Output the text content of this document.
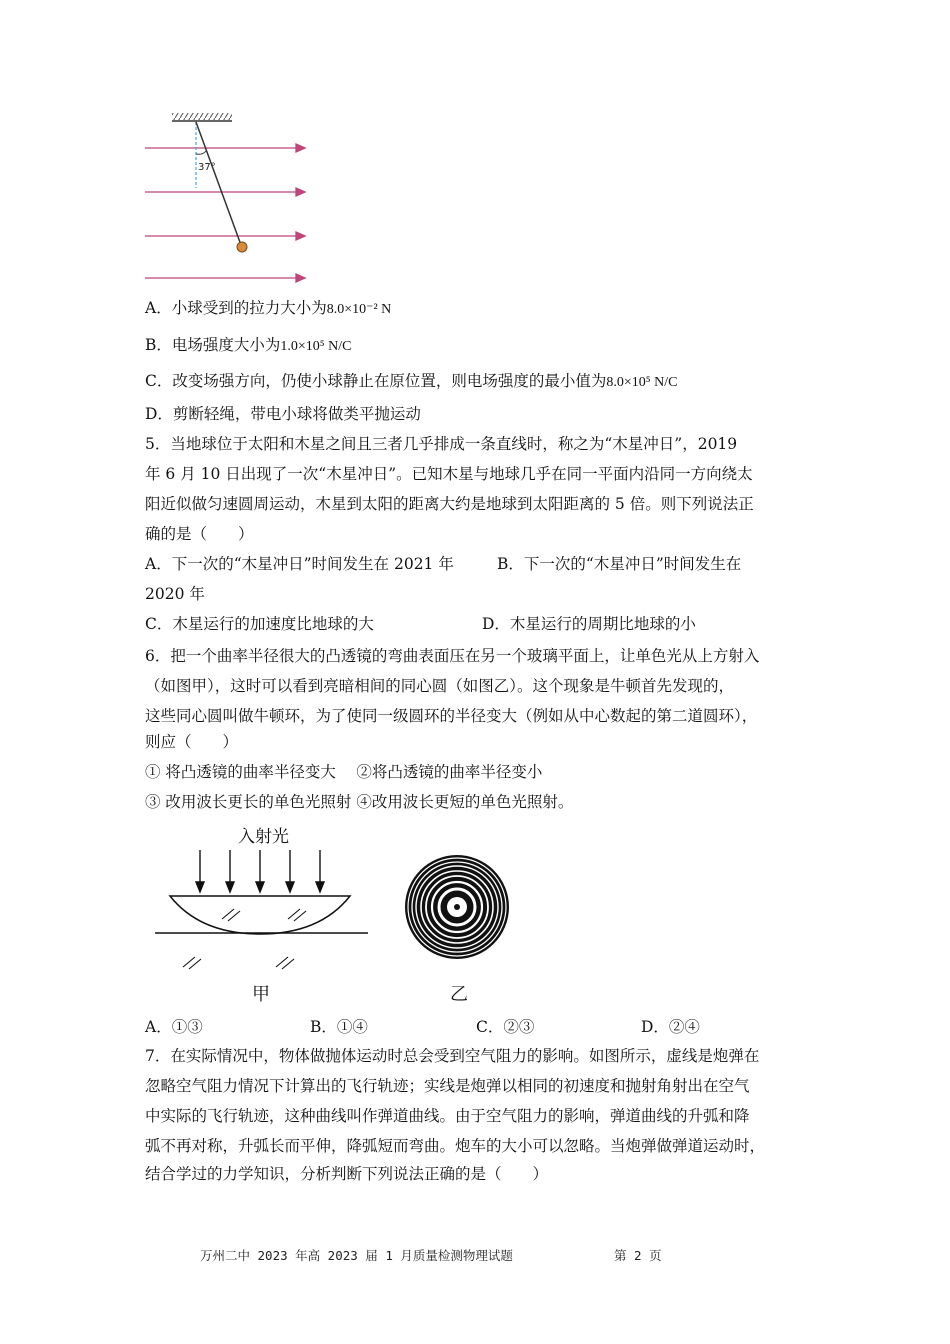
37°
A．小球受到的拉力大小为8.0×10⁻² N
B．电场强度大小为1.0×10⁵ N/C
C．改变场强方向，仍使小球静止在原位置，则电场强度的最小值为8.0×10⁵ N/C
D．剪断轻绳，带电小球将做类平抛运动
5．当地球位于太阳和木星之间且三者几乎排成一条直线时，称之为“木星冲日”，2019
年 6 月 10 日出现了一次“木星冲日”。已知木星与地球几乎在同一平面内沿同一方向绕太
阳近似做匀速圆周运动，木星到太阳的距离大约是地球到太阳距离的 5 倍。则下列说法正
确的是（　　）
A．下一次的“木星冲日”时间发生在 2021 年	B．下一次的“木星冲日”时间发生在
2020 年
C．木星运行的加速度比地球的大	D．木星运行的周期比地球的小
6．把一个曲率半径很大的凸透镜的弯曲表面压在另一个玻璃平面上，让单色光从上方射入
（如图甲），这时可以看到亮暗相间的同心圆（如图乙）。这个现象是牛顿首先发现的，
这些同心圆叫做牛顿环，为了使同一级圆环的半径变大（例如从中心数起的第二道圆环），
则应（　　）
① 将凸透镜的曲率半径变大　 ②将凸透镜的曲率半径变小
③ 改用波长更长的单色光照射 ④改用波长更短的单色光照射。
入射光
甲	乙
A．①③	B．①④	C．②③	D．②④
7．在实际情况中，物体做抛体运动时总会受到空气阻力的影响。如图所示，虚线是炮弹在
忽略空气阻力情况下计算出的飞行轨迹；实线是炮弹以相同的初速度和抛射角射出在空气
中实际的飞行轨迹，这种曲线叫作弹道曲线。由于空气阻力的影响，弹道曲线的升弧和降
弧不再对称，升弧长而平伸，降弧短而弯曲。炮车的大小可以忽略。当炮弹做弹道运动时，
结合学过的力学知识，分析判断下列说法正确的是（　　）
万州二中 2023 年高 2023 届 1 月质量检测物理试题	第 2 页
